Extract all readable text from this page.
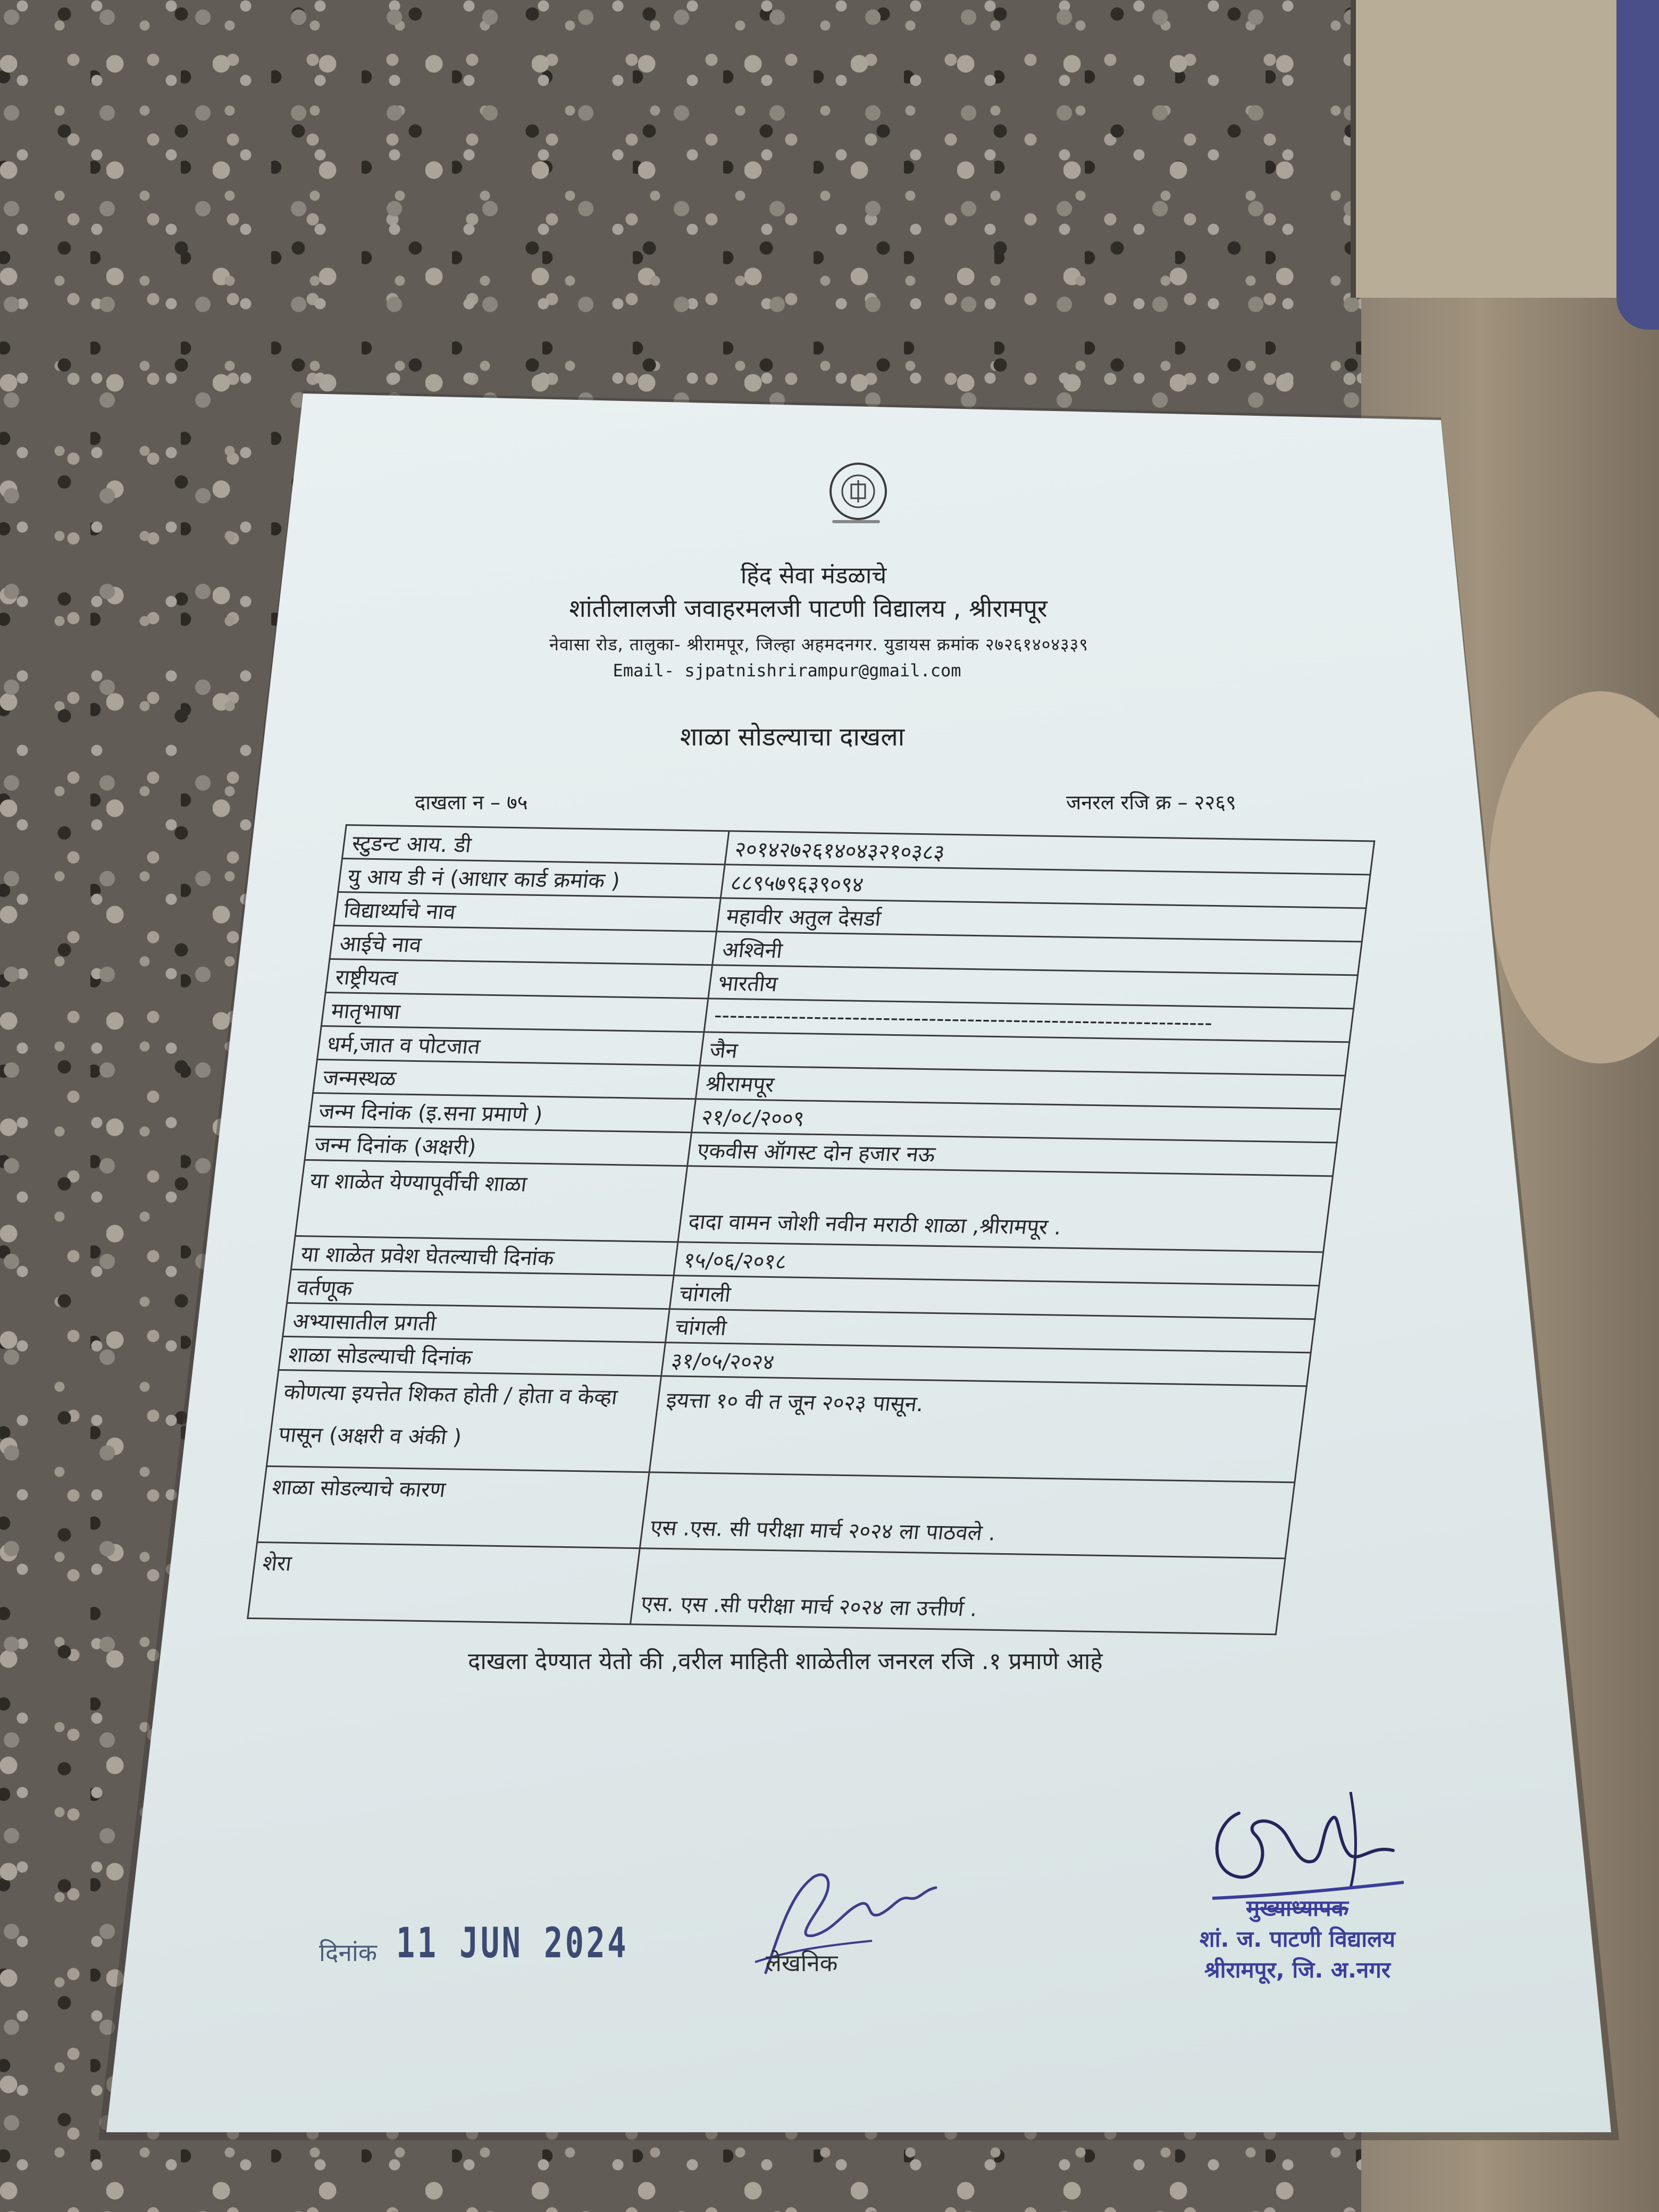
हिंद सेवा मंडळाचे
शांतीलालजी जवाहरमलजी पाटणी विद्यालय , श्रीरामपूर
नेवासा रोड, तालुका- श्रीरामपूर, जिल्हा अहमदनगर. युडायस क्रमांक २७२६१४०४३३९
Email- sjpatnishrirampur@gmail.com
शाळा सोडल्याचा दाखला
दाखला न – ७५	जनरल रजि क्र – २२६९
स्टुडन्ट आय. डी	२०१४२७२६१४०४३२१०३८३
यु आय डी नं (आधार कार्ड क्रमांक )	८८९५७९६३९०९४
विद्यार्थ्याचे नाव	महावीर अतुल देसर्डा
आईचे नाव	अश्विनी
राष्ट्रीयत्व	भारतीय
मातृभाषा	-----------------------------------------------------------------
धर्म,जात व पोटजात	जैन
जन्मस्थळ	श्रीरामपूर
जन्म दिनांक (इ.सना प्रमाणे )	२१/०८/२००९
जन्म दिनांक (अक्षरी)	एकवीस ऑगस्ट दोन हजार नऊ
या शाळेत येण्यापूर्वीची शाळा	दादा वामन जोशी नवीन मराठी शाळा ,श्रीरामपूर .
या शाळेत प्रवेश घेतल्याची दिनांक	१५/०६/२०१८
वर्तणूक	चांगली
अभ्यासातील प्रगती	चांगली
शाळा सोडल्याची दिनांक	३१/०५/२०२४
कोणत्या इयत्तेत शिकत होती / होता व केव्हा पासून (अक्षरी व अंकी )	इयत्ता १० वी त जून २०२३ पासून.
शाळा सोडल्याचे कारण	एस .एस. सी परीक्षा मार्च २०२४ ला पाठवले .
शेरा	एस. एस .सी परीक्षा मार्च २०२४ ला उत्तीर्ण .
दाखला देण्यात येतो की ,वरील माहिती शाळेतील जनरल रजि .१ प्रमाणे आहे
दिनांक 11 JUN 2024	लेखनिक
मुख्याध्यापक
शां. ज. पाटणी विद्यालय
श्रीरामपूर, जि. अ.नगर
